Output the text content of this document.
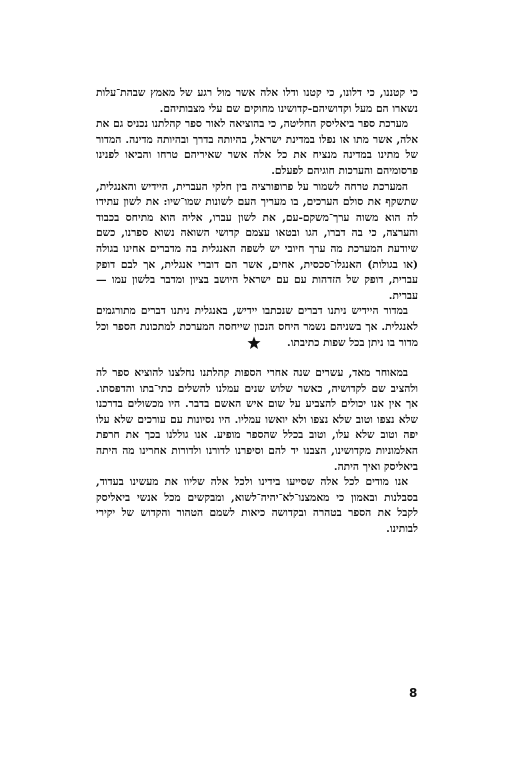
כי קטננו, כי דלונו, כי קטנו ודלו אלה אשר מול רגע של מאמץ שבהת־עלות נשארו הם מעל וקדושיהם-קדושינו מחוקים שם עלי מצבותיהם.

מערכת ספר ביאליסק החליטה, כי בהוציאה לאור ספר קהלתנו נכניס גם את אלה, אשר מתו או נפלו במדינת ישראל, בהיותה בדרך ובהיותה מדינה. המדור של מתינו במדינה מנציח את כל אלה אשר שאיריהם טרחו והביאו לפנינו פרסומיהם והערכות חוגיהם לפעלם.

המערכת טרחה לשמור על פרופורציה בין חלקי העברית, היידיש והאנגלית, שתשקף את סולם הערכים, בו מעריך העם לשונות שמו־שיו: את לשון עתידו לה הוא משוה ערך־משקם-עם, את לשון עברו, אליה הוא מתיחס בכבוד והערצה, כי בה דברו, הגו ובטאו עצמם קדושי השואה נשוא ספרנו, כשם שיודעת המערכת מה ערך חיובי יש לשפה האנגלית בה מדברים אחינו בגולה (או בגולות) האנגלו־סכסית, אחים, אשר הם דוברי אנגלית, אך לבם דופק עברית, דופק של הזדהות עם עם ישראל היושב בציון ומדבר בלשון עמו — עברית.

במדור היידיש ניתנו דברים שנכתבו יידיש, באנגלית ניתנו דברים מתורגמים לאנגלית. אך בשניהם נשמר היחס הנכון שייחסה המערכת למתכונת הספר וכל מדור בו ניתן בכל שפות כתיבתו.

במאוחר מאד, עשרים שנה אחרי הספות קהלתנו נחלצנו להוציא ספר לה ולהציב שם לקדושיה, כאשר שלוש שנים עמלנו להשלים כתי־בתו והדפסתו. אך אין אנו יכולים להצביע על שום איש האשם בדבר. היו מכשולים בדרכנו שלא נצפו וטוב שלא נצפו ולא יואשו עמליו. היו נסיונות עם עורכים שלא עלו יפה וטוב שלא עלו, וטוב בכלל שהספר מופיע. אנו גוללנו בכך את חרפת האלמוניות מקדושינו, הצבנו יד להם וסיפרנו לדורנו ולדורות אחרינו מה היתה ביאליסק ואיך היתה.

אנו מודים לכל אלה שסייעו בידינו ולכל אלה שליוו את מעשינו בעדוד, בסבלנות ובאמון כי מאמצנו־לא־יהיה־לשוא, ומבקשים מכל אנשי ביאליסק לקבל את הספר בטהרה ובקדושה כיאות לשמם הטהור והקדוש של יקירי לבותינו.

8
